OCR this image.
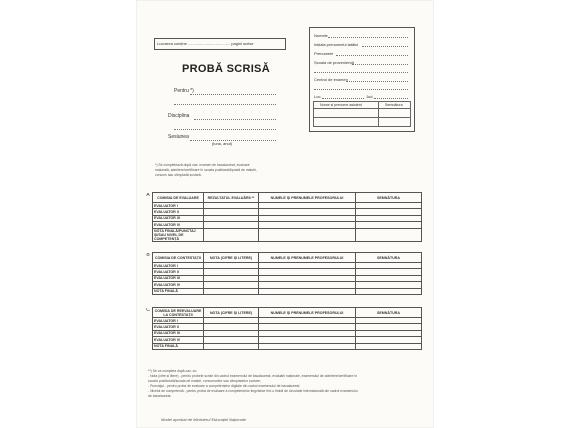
Lucrarea conține ...................................... pagini scrise
PROBĂ SCRISĂ
Pentru *)
Disciplina
Sesiunea
(luna, anul)
Numele
Inițiala prenumelui tatălui
Prenumele
Școala de proveniență
Centrul de examen
Loc.	Jud.
Nume și prenume asistent	Semnătura
*) Se completează după caz: examen de bacalaureat, evaluare
națională, admitere/certificare în școala postliceală/postă de maiștri,
concurs sau olimpiadă școlară.
A	COMISIA DE EVALUARE	REZULTATUL EVALUĂRII **	NUMELE ȘI PRENUMELE PROFESORULUI	SEMNĂTURA
	EVALUATOR I			
	EVALUATOR II			
	EVALUATOR III			
	EVALUATOR IV			
	NOTA FINALĂ/PUNCTAJ ȘI/SAU NIVEL DE COMPETENȚĂ			
B	COMISIA DE CONTESTAȚII	NOTA (CIFRE ȘI LITERE)	NUMELE ȘI PRENUMELE PROFESORULUI	SEMNĂTURA
	EVALUATOR I			
	EVALUATOR II			
	EVALUATOR III			
	EVALUATOR IV			
	NOTA FINALĂ			
C	COMISIA DE REEVALUARE LA CONTESTAȚII	NOTA (CIFRE ȘI LITERE)	NUMELE ȘI PRENUMELE PROFESORULUI	SEMNĂTURA
	EVALUATOR I			
	EVALUATOR II			
	EVALUATOR III			
	EVALUATOR IV			
	NOTA FINALĂ			
**) Se va completa după caz, cu:
- Nota (cifre și litere) - pentru probele scrise din cadrul examenului de bacalaureat, evaluării naționale, examenului de admitere/certificare în
școala postliceală/școala de maiștri, concursurilor sau olimpiadelor școlare;
- Punctajul - pentru proba de evaluare a competențelor digitale din cadrul examenului de bacalaureat;
- Nivelul de competență - pentru proba de evaluare a competențelor lingvistice într-o limbă de circulație internațională din cadrul examenului
de bacalaureat.
Model aprobat de Ministerul Educației Naționale
